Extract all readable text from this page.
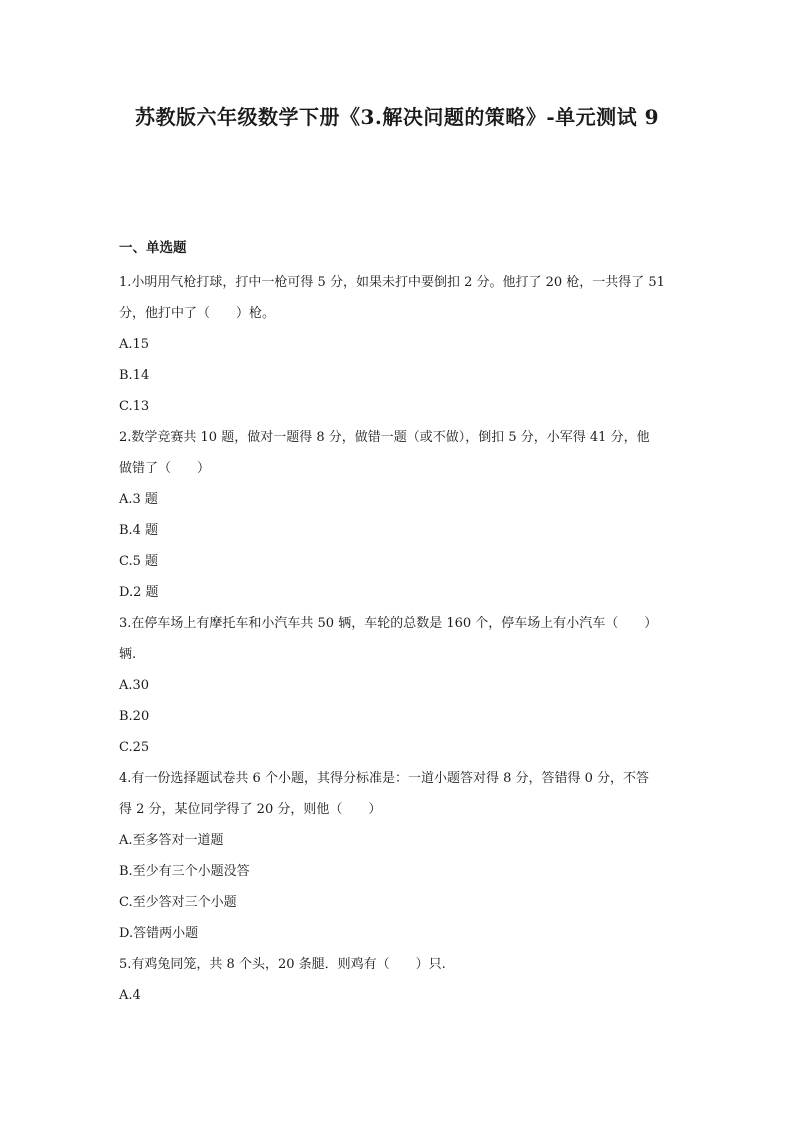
苏教版六年级数学下册《3.解决问题的策略》-单元测试 9
一、单选题
1.小明用气枪打球，打中一枪可得 5 分，如果未打中要倒扣 2 分。他打了 20 枪，一共得了 51
分，他打中了（　　）枪。
A.15
B.14
C.13
2.数学竞赛共 10 题，做对一题得 8 分，做错一题（或不做），倒扣 5 分，小军得 41 分，他
做错了（　　）
A.3 题
B.4 题
C.5 题
D.2 题
3.在停车场上有摩托车和小汽车共 50 辆，车轮的总数是 160 个，停车场上有小汽车（　　）
辆.
A.30
B.20
C.25
4.有一份选择题试卷共 6 个小题，其得分标准是：一道小题答对得 8 分，答错得 0 分，不答
得 2 分，某位同学得了 20 分，则他（　　）
A.至多答对一道题
B.至少有三个小题没答
C.至少答对三个小题
D.答错两小题
5.有鸡兔同笼，共 8 个头，20 条腿．则鸡有（　　）只.
A.4
